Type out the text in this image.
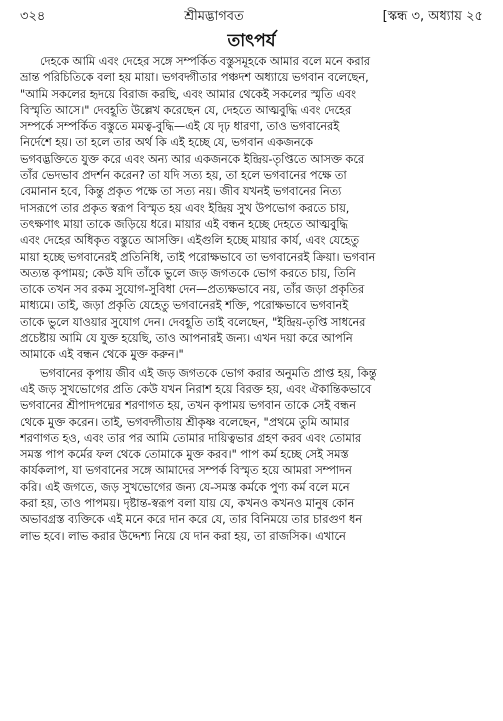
৩২৪	শ্রীমদ্ভাগবত	[স্কন্ধ ৩, অধ্যায় ২৫
তাৎপর্য
দেহকে আমি এবং দেহের সঙ্গে সম্পর্কিত বস্তুসমূহকে আমার বলে মনে করার
ভ্রান্ত পরিচিতিকে বলা হয় মায়া। ভগবদ্গীতার পঞ্চদশ অধ্যায়ে ভগবান বলেছেন,
"আমি সকলের হৃদয়ে বিরাজ করছি, এবং আমার থেকেই সকলের স্মৃতি এবং
বিস্মৃতি আসে।" দেবহূতি উল্লেখ করেছেন যে, দেহতে আত্মবুদ্ধি এবং দেহের
সম্পর্কে সম্পর্কিত বস্তুতে মমত্ব-বুদ্ধি—এই যে দৃঢ় ধারণা, তাও ভগবানেরই
নির্দেশে হয়। তা হলে তার অর্থ কি এই হচ্ছে যে, ভগবান একজনকে
ভগবদ্ভক্তিতে যুক্ত করে এবং অন্য আর একজনকে ইন্দ্রিয়-তৃপ্তিতে আসক্ত করে
তাঁর ভেদভাব প্রদর্শন করেন? তা যদি সত্য হয়, তা হলে ভগবানের পক্ষে তা
বেমানান হবে, কিন্তু প্রকৃত পক্ষে তা সত্য নয়। জীব যখনই ভগবানের নিত্য
দাসরূপে তার প্রকৃত স্বরূপ বিস্মৃত হয় এবং ইন্দ্রিয় সুখ উপভোগ করতে চায়,
তৎক্ষণাৎ মায়া তাকে জড়িয়ে ধরে। মায়ার এই বন্ধন হচ্ছে দেহতে আত্মবুদ্ধি
এবং দেহের অধিকৃত বস্তুতে আসক্তি। এইগুলি হচ্ছে মায়ার কার্য, এবং যেহেতু
মায়া হচ্ছে ভগবানেরই প্রতিনিধি, তাই পরোক্ষভাবে তা ভগবানেরই ক্রিয়া। ভগবান
অত্যন্ত কৃপাময়; কেউ যদি তাঁকে ভুলে জড় জগতকে ভোগ করতে চায়, তিনি
তাকে তখন সব রকম সুযোগ-সুবিধা দেন—প্রত্যক্ষভাবে নয়, তাঁর জড়া প্রকৃতির
মাধ্যমে। তাই, জড়া প্রকৃতি যেহেতু ভগবানেরই শক্তি, পরোক্ষভাবে ভগবানই
তাকে ভুলে যাওয়ার সুযোগ দেন। দেবহূতি তাই বলেছেন, "ইন্দ্রিয়-তৃপ্তি সাধনের
প্রচেষ্টায় আমি যে যুক্ত হয়েছি, তাও আপনারই জন্য। এখন দয়া করে আপনি
আমাকে এই বন্ধন থেকে মুক্ত করুন।"
ভগবানের কৃপায় জীব এই জড় জগতকে ভোগ করার অনুমতি প্রাপ্ত হয়, কিন্তু
এই জড় সুখভোগের প্রতি কেউ যখন নিরাশ হয়ে বিরক্ত হয়, এবং ঐকান্তিকভাবে
ভগবানের শ্রীপাদপদ্মের শরণাগত হয়, তখন কৃপাময় ভগবান তাকে সেই বন্ধন
থেকে মুক্ত করেন। তাই, ভগবদ্গীতায় শ্রীকৃষ্ণ বলেছেন, "প্রথমে তুমি আমার
শরণাগত হও, এবং তার পর আমি তোমার দায়িত্বভার গ্রহণ করব এবং তোমার
সমস্ত পাপ কর্মের ফল থেকে তোমাকে মুক্ত করব।" পাপ কর্ম হচ্ছে সেই সমস্ত
কার্যকলাপ, যা ভগবানের সঙ্গে আমাদের সম্পর্ক বিস্মৃত হয়ে আমরা সম্পাদন
করি। এই জগতে, জড় সুখভোগের জন্য যে-সমস্ত কর্মকে পুণ্য কর্ম বলে মনে
করা হয়, তাও পাপময়। দৃষ্টান্ত-স্বরূপ বলা যায় যে, কখনও কখনও মানুষ কোন
অভাবগ্রস্ত ব্যক্তিকে এই মনে করে দান করে যে, তার বিনিময়ে তার চারগুণ ধন
লাভ হবে। লাভ করার উদ্দেশ্য নিয়ে যে দান করা হয়, তা রাজসিক। এখানে
